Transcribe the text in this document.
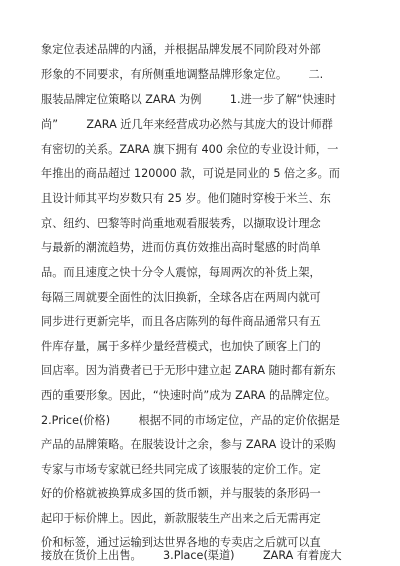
象定位表述品牌的内涵，并根据品牌发展不同阶段对外部
形象的不同要求，有所侧重地调整品牌形象定位。      二.
服装品牌定位策略以 ZARA 为例        1.进一步了解“快速时
尚”        ZARA 近几年来经营成功必然与其庞大的设计师群
有密切的关系。ZARA 旗下拥有 400 余位的专业设计师，一
年推出的商品超过 120000 款，可说是同业的 5 倍之多。而
且设计师其平均岁数只有 25 岁。他们随时穿梭于米兰、东
京、纽约、巴黎等时尚重地观看服装秀，以撷取设计理念
与最新的潮流趋势，进而仿真仿效推出高时髦感的时尚单
品。而且速度之快十分令人震惊，每周两次的补货上架，
每隔三周就要全面性的汰旧换新，全球各店在两周内就可
同步进行更新完毕，而且各店陈列的每件商品通常只有五
件库存量，属于多样少量经营模式，也加快了顾客上门的
回店率。因为消费者已于无形中建立起 ZARA 随时都有新东
西的重要形象。因此，“快速时尚”成为 ZARA 的品牌定位。
2.Price(价格)        根据不同的市场定位，产品的定价依据是
产品的品牌策略。在服装设计之余，参与 ZARA 设计的采购
专家与市场专家就已经共同完成了该服装的定价工作。定
好的价格就被换算成多国的货币额，并与服装的条形码一
起印于标价牌上。因此，新款服装生产出来之后无需再定
价和标签，通过运输到达世界各地的专卖店之后就可以直
接放在货价上出售。      3.Place(渠道)        ZARA 有着庞大
